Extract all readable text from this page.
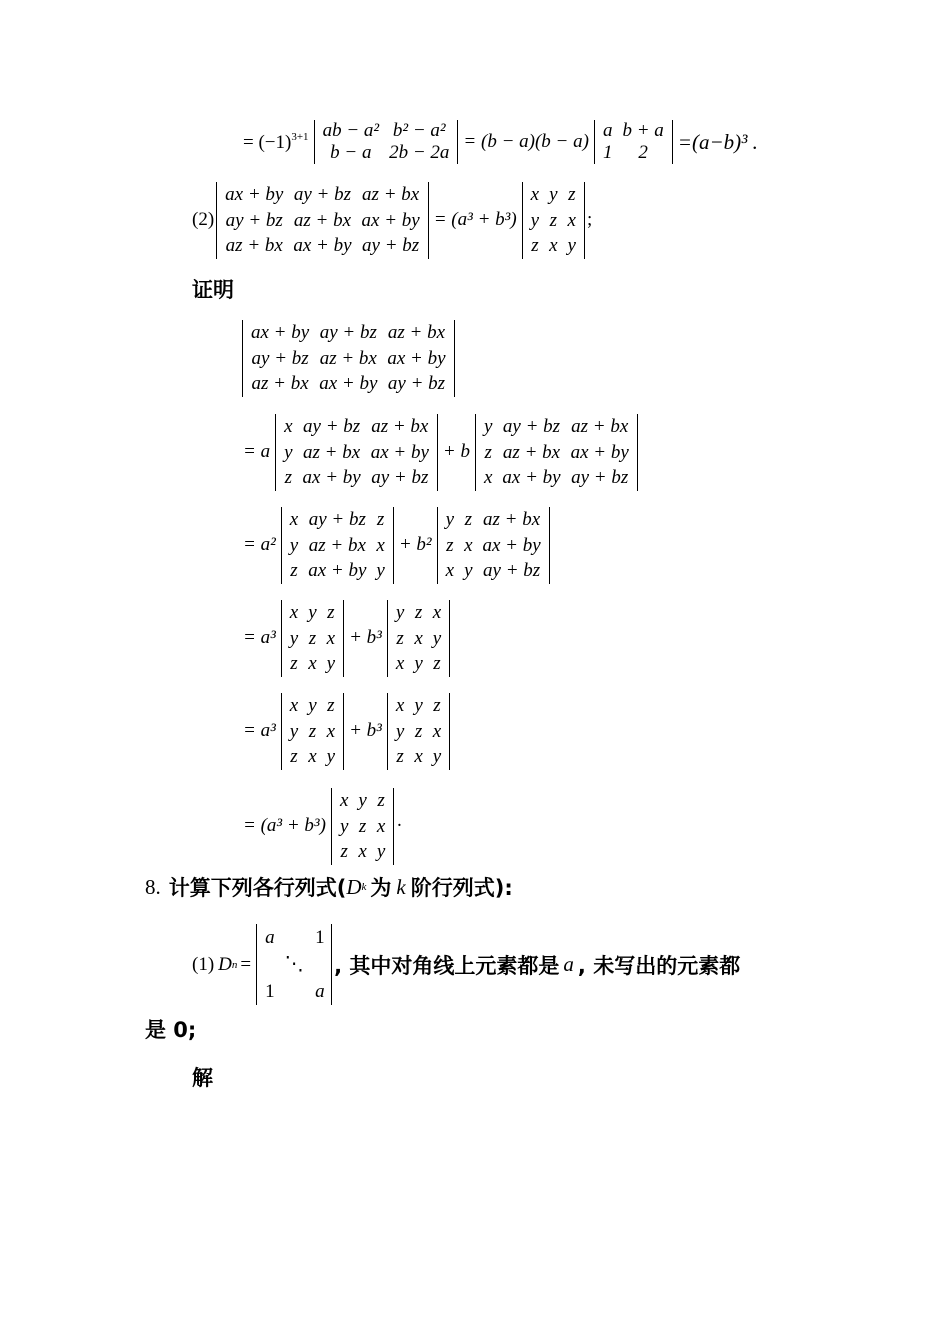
= $(-1)^{3+1}$ ab − a² b² − a²
b − a 2b − 2a
= (b − a)(b − a)
a b + a
1	2	=(a−b)³ .
(2)
ax + by ay + bz az + bx
ay + bz az + bx ax + by
az + bx ax + by ay + bz
= (a³ + b³)
x y z
y z x
z x y
;
证明
ax + by ay + bz az + bx
ay + bz az + bx ax + by
az + bx ax + by ay + bz
= a
x ay + bz az + bx
y az + bx ax + by
z ax + by ay + bz
+ b
y ay + bz az + bx
z az + bx ax + by
x ax + by ay + bz
= a²
x ay + bz z
y az + bx x
z ax + by y
+ b²
y z az + bx
z x ax + by
x y ay + bz
= a³
x y z
y z x
z x y
+ b³
y z x
z x y
x y z
= a³
x y z
y z x
z x y
+ b³
x y z
y z x
z x y
= (a³ + b³)
x y z
y z x
z x y
·
8. 计算下列各行列式( D k 为 k 阶行列式):
(1) D n =
a 1
⋱
1 a
, 其中对角线上元素都是 a , 未写出的元素都
是 0;
解
